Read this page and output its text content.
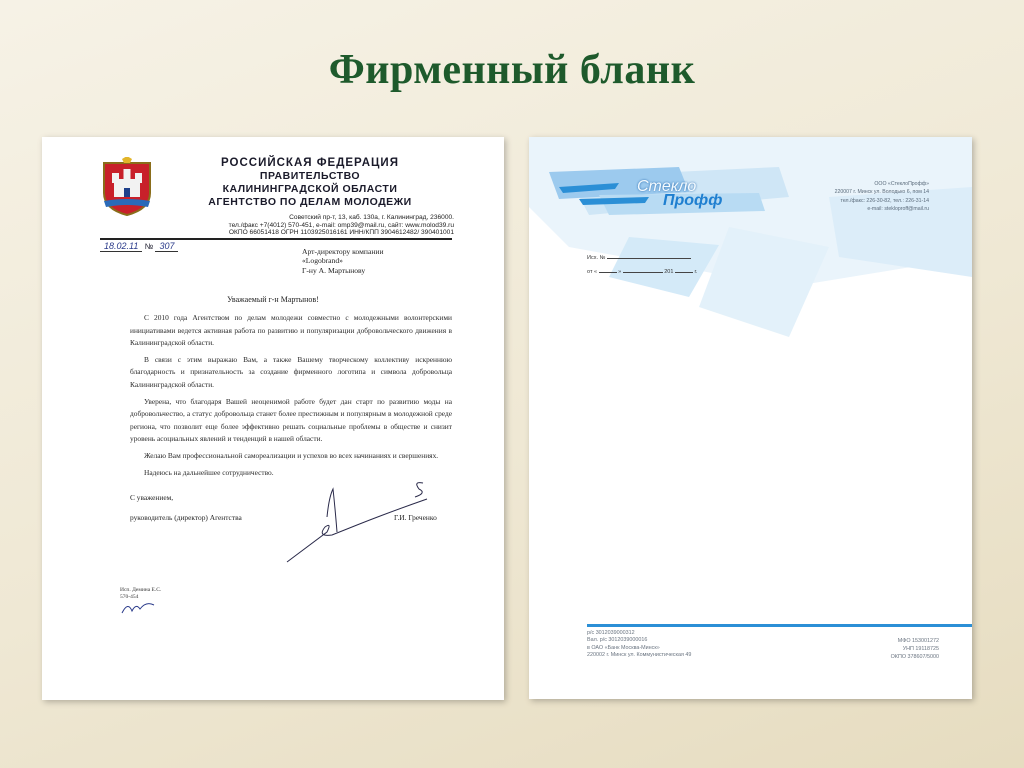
Фирменный бланк
РОССИЙСКАЯ ФЕДЕРАЦИЯ
ПРАВИТЕЛЬСТВО
КАЛИНИНГРАДСКОЙ ОБЛАСТИ
АГЕНТСТВО ПО ДЕЛАМ МОЛОДЕЖИ
Советский пр-т, 13, каб. 130а, г. Калининград, 236000.
тел./факс +7(4012) 570-451, e-mail: omp39@mail.ru, сайт: www.molod39.ru
ОКПО 66051418 ОГРН 1103925016161 ИНН/КПП 3904612482/ 390401001
18.02.11 № 307
Арт-директору компании
«Logobrand»
Г-ну А. Мартынову
Уважаемый г-н Мартынов!

С 2010 года Агентством по делам молодежи совместно с молодежными волонтерскими инициативами ведется активная работа по развитию и популяризации добровольческого движения в Калининградской области.

В связи с этим выражаю Вам, а также Вашему творческому коллективу искреннюю благодарность и признательность за создание фирменного логотипа и символа добровольца Калининградской области.

Уверена, что благодаря Вашей неоценимой работе будет дан старт по развитию моды на добровольчество, а статус добровольца станет более престижным и популярным в молодежной среде региона, что позволит еще более эффективно решать социальные проблемы в обществе и снизит уровень асоциальных явлений и тенденций в нашей области.

Желаю Вам профессиональной самореализации и успехов во всех начинаниях и свершениях.

Надеюсь на дальнейшее сотрудничество.

С уважением,
руководитель (директор) Агентства	Г.И. Греченко
Исп. Демина Е.С.
570-454
Стекло
Профф
ООО «СтеклоПрофф»
220007 г. Минск ул. Володько 6, пом 14
тел./факс: 226-30-82, тел.: 226-31-14
e-mail: stekloproff@mail.ru
Исх. №
от «	»	201	г.
р/с 3012039000312
Вал. р/с 3012039000016
в ОАО «Банк Москва-Минск»
220002 г. Минск ул. Коммунистическая 49
МФО 153001272
УНП 19118725
ОКПО 378607/5000
